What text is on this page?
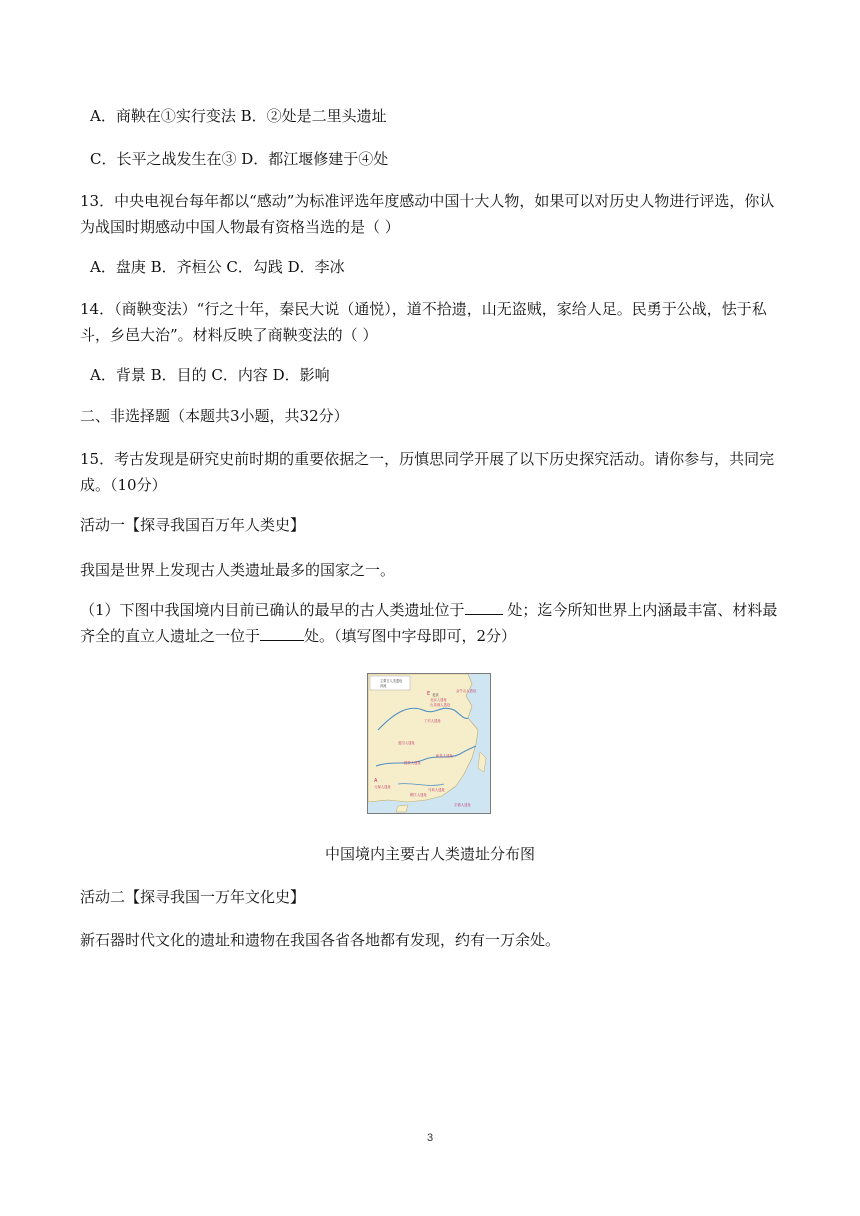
A．商鞅在①实行变法 B．②处是二里头遗址
C．长平之战发生在③ D．都江堰修建于④处
13．中央电视台每年都以“感动”为标准评选年度感动中国十大人物，如果可以对历史人物进行评选，你认为战国时期感动中国人物最有资格当选的是（ ）
A．盘庚 B．齐桓公 C．勾践 D．李冰
14．（商鞅变法）“行之十年，秦民大说（通悦），道不拾遗，山无盗贼，家给人足。民勇于公战，怯于私斗，乡邑大治”。材料反映了商鞅变法的（ ）
A．背景 B．目的 C．内容 D．影响
二、非选择题（本题共3小题，共32分）
15．考古发现是研究史前时期的重要依据之一，历慎思同学开展了以下历史探究活动。请你参与，共同完成。（10分）
活动一【探寻我国百万年人类史】
我国是世界上发现古人类遗址最多的国家之一。
（1）下图中我国境内目前已确认的最早的古人类遗址位于	处；迄今所知世界上内涵最丰富、材料最齐全的直立人遗址之一位于	处。（填写图中字母即可，2分）
主要古人类遗址
河流
北京
北京人遗址
山顶洞人遗址
金牛山人遗址
丁村人遗址
蓝田人遗址
郧县人遗址
和县人遗址
元谋人遗址
马坝人遗址
柳江人遗址
左镇人遗址
E
A
中国境内主要古人类遗址分布图
活动二【探寻我国一万年文化史】
新石器时代文化的遗址和遗物在我国各省各地都有发现，约有一万余处。
3
